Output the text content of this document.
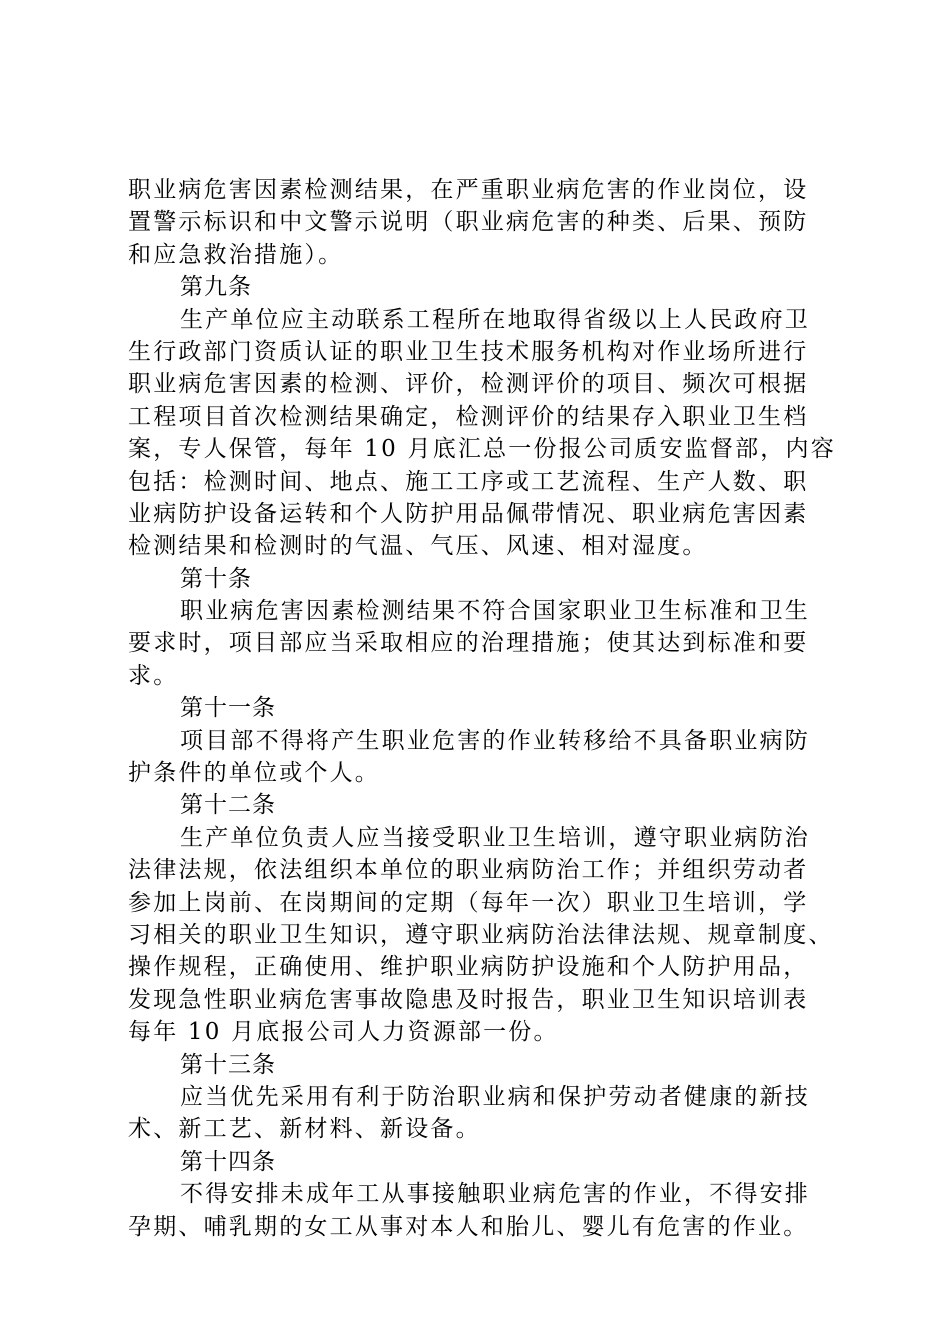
职业病危害因素检测结果，在严重职业病危害的作业岗位，设
置警示标识和中文警示说明（职业病危害的种类、后果、预防
和应急救治措施）。
第九条
生产单位应主动联系工程所在地取得省级以上人民政府卫
生行政部门资质认证的职业卫生技术服务机构对作业场所进行
职业病危害因素的检测、评价，检测评价的项目、频次可根据
工程项目首次检测结果确定，检测评价的结果存入职业卫生档
案，专人保管，每年 10 月底汇总一份报公司质安监督部，内容
包括：检测时间、地点、施工工序或工艺流程、生产人数、职
业病防护设备运转和个人防护用品佩带情况、职业病危害因素
检测结果和检测时的气温、气压、风速、相对湿度。
第十条
职业病危害因素检测结果不符合国家职业卫生标准和卫生
要求时，项目部应当采取相应的治理措施；使其达到标准和要
求。
第十一条
项目部不得将产生职业危害的作业转移给不具备职业病防
护条件的单位或个人。
第十二条
生产单位负责人应当接受职业卫生培训，遵守职业病防治
法律法规，依法组织本单位的职业病防治工作；并组织劳动者
参加上岗前、在岗期间的定期（每年一次）职业卫生培训，学
习相关的职业卫生知识，遵守职业病防治法律法规、规章制度、
操作规程，正确使用、维护职业病防护设施和个人防护用品，
发现急性职业病危害事故隐患及时报告，职业卫生知识培训表
每年 10 月底报公司人力资源部一份。
第十三条
应当优先采用有利于防治职业病和保护劳动者健康的新技
术、新工艺、新材料、新设备。
第十四条
不得安排未成年工从事接触职业病危害的作业，不得安排
孕期、哺乳期的女工从事对本人和胎儿、婴儿有危害的作业。
